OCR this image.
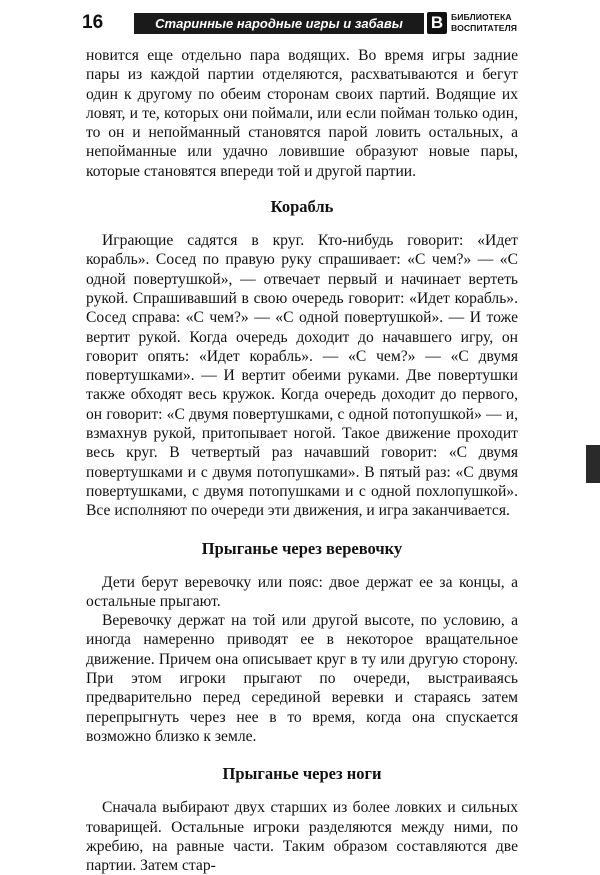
16	Старинные народные игры и забавы	B БИБЛИОТЕКА
ВОСПИТАТЕЛЯ

новится еще отдельно пара водящих. Во время игры задние пары из каждой партии отделяются, расхватываются и бегут один к другому по обеим сторонам своих партий. Водящие их ловят, и те, которых они поймали, или если пойман только один, то он и непойманный становятся парой ловить остальных, а непойманные или удачно ловившие образуют новые пары, которые становятся впереди той и другой партии.

Корабль

Играющие садятся в круг. Кто-нибудь говорит: «Идет корабль». Сосед по правую руку спрашивает: «С чем?» — «С одной повертушкой», — отвечает первый и начинает вертеть рукой. Спрашивавший в свою очередь говорит: «Идет корабль». Сосед справа: «С чем?» — «С одной повертушкой». — И тоже вертит рукой. Когда очередь доходит до начавшего игру, он говорит опять: «Идет корабль». — «С чем?» — «С двумя повертушками». — И вертит обеими руками. Две повертушки также обходят весь кружок. Когда очередь доходит до первого, он говорит: «С двумя повертушками, с одной потопушкой» — и, взмахнув рукой, притопывает ногой. Такое движение проходит весь круг. В четвертый раз начавший говорит: «С двумя повертушками и с двумя потопушками». В пятый раз: «С двумя повертушками, с двумя потопушками и с одной похлопушкой». Все исполняют по очереди эти движения, и игра заканчивается.

Прыганье через веревочку

Дети берут веревочку или пояс: двое держат ее за концы, а остальные прыгают.

Веревочку держат на той или другой высоте, по условию, а иногда намеренно приводят ее в некоторое вращательное движение. Причем она описывает круг в ту или другую сторону. При этом игроки прыгают по очереди, выстраиваясь предварительно перед серединой веревки и стараясь затем перепрыгнуть через нее в то время, когда она спускается возможно близко к земле.

Прыганье через ноги

Сначала выбирают двух старших из более ловких и сильных товарищей. Остальные игроки разделяются между ними, по жребию, на равные части. Таким образом составляются две партии. Затем стар-
